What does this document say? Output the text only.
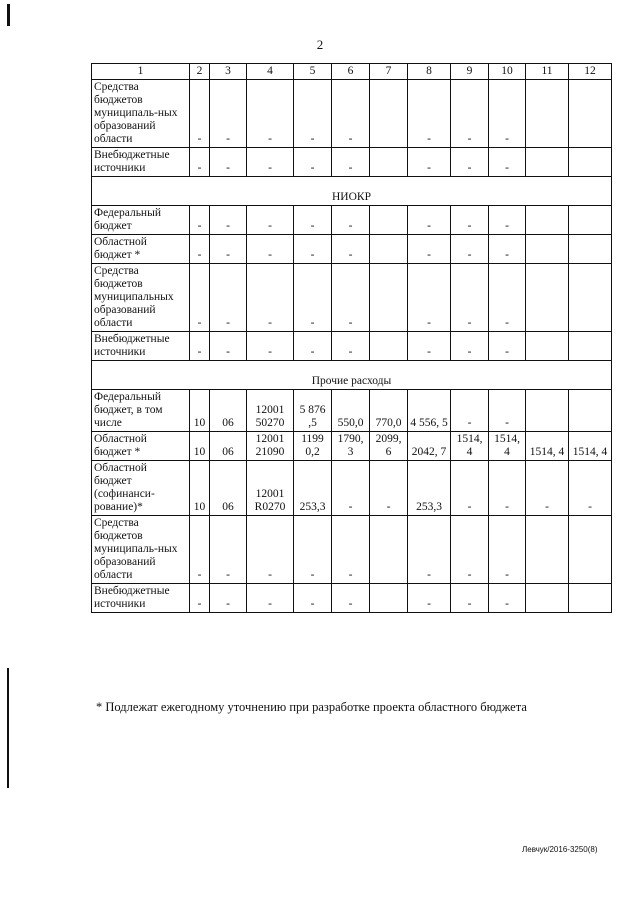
2
1	2	3	4	5	6	7	8	9	10	11	12
Средства бюджетов муниципаль-ных образований области	-	-	-	-	-		-	-	-		
Внебюджетные источники	-	-	-	-	-		-	-	-		
НИОКР											
Федеральный бюджет	-	-	-	-	-		-	-	-		
Областной бюджет *	-	-	-	-	-		-	-	-		
Средства бюджетов муниципальных образований области	-	-	-	-	-		-	-	-		
Внебюджетные источники	-	-	-	-	-		-	-	-		
Прочие расходы											
Федеральный бюджет, в том числе	10	06	12001 50270	5 876 ,5	550,0	770,0	4 556, 5	-	-		
Областной бюджет *	10	06	12001 21090	1199 0,2	1790, 3	2099, 6	2042, 7	1514, 4	1514, 4	1514, 4	1514, 4
Областной бюджет (софинанси-рование)*	10	06	12001 R0270	253,3	-	-	253,3	-	-	-	-
Средства бюджетов муниципаль-ных образований области	-	-	-	-	-		-	-	-		
Внебюджетные источники	-	-	-	-	-		-	-	-		
* Подлежат ежегодному уточнению при разработке проекта областного бюджета
Левчук/2016-3250(8)
